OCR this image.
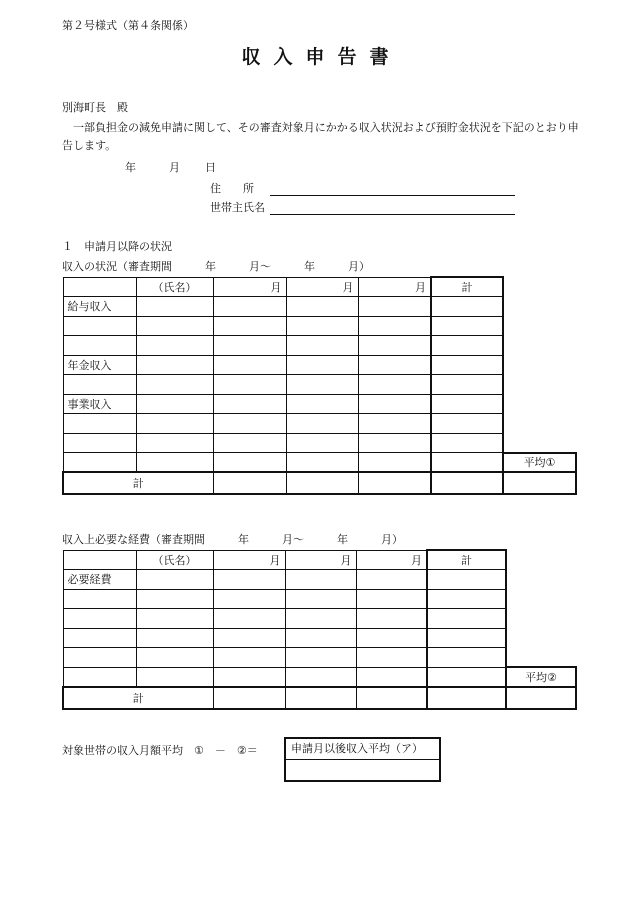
第２号様式（第４条関係）
収入申告書
別海町長　殿
一部負担金の減免申請に関して、その審査対象月にかかる収入状況および預貯金状況を下記のとおり申告します。
年	月 日
住　　所
世帯主氏名
１　申請月以降の状況
収入の状況（審査期間　　　年　　　月～　　　年　　　月）
	（氏名）	月	月	月	計	
給与収入						

年金収入						

事業収入						

						平均①
計						
収入上必要な経費（審査期間　　　年　　　月～　　　年　　　月）
	（氏名）	月	月	月	計	
必要経費						

						平均②
計						
対象世帯の収入月額平均　①　－　②＝	申請月以後収入平均（ア）
